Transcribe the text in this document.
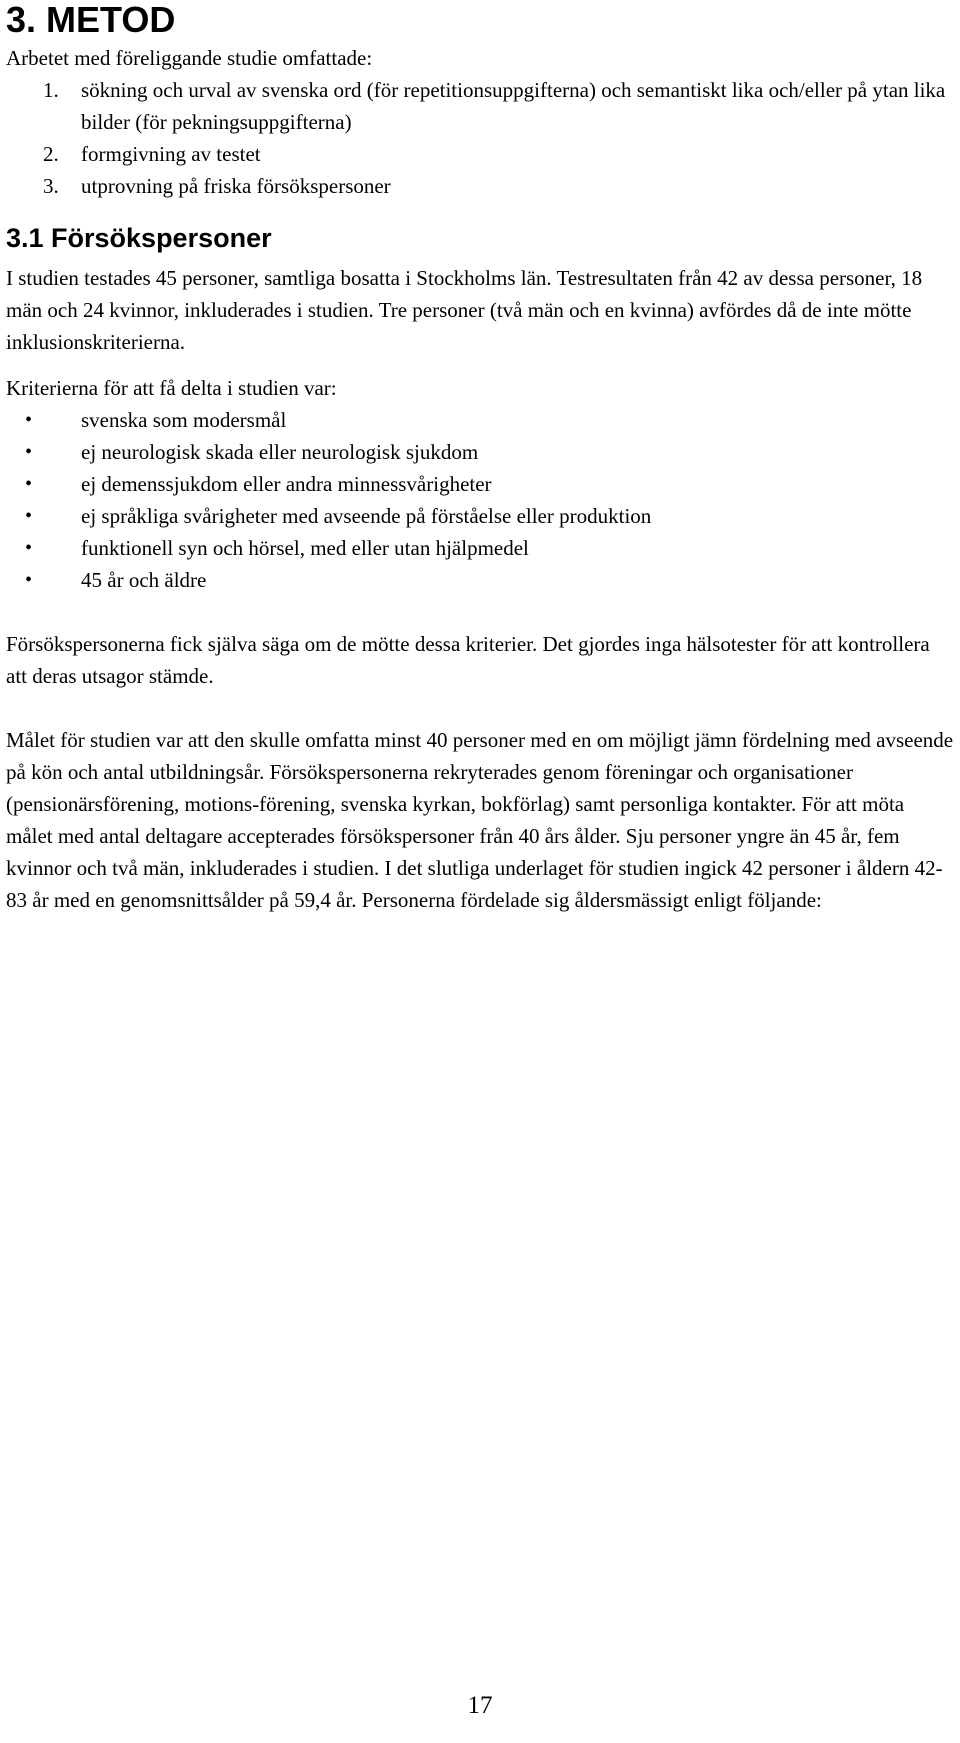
3. METOD
Arbetet med föreliggande studie omfattade:
1. sökning och urval av svenska ord (för repetitionsuppgifterna) och semantiskt lika och/eller på ytan lika bilder (för pekningsuppgifterna)
2. formgivning av testet
3. utprovning på friska försökspersoner
3.1 Försökspersoner

I studien testades 45 personer, samtliga bosatta i Stockholms län. Testresultaten från 42 av dessa personer, 18 män och 24 kvinnor, inkluderades i studien. Tre personer (två män och en kvinna) avfördes då de inte mötte inklusionskriterierna.

Kriterierna för att få delta i studien var:

• svenska som modersmål
• ej neurologisk skada eller neurologisk sjukdom
• ej demenssjukdom eller andra minnessvårigheter
• ej språkliga svårigheter med avseende på förståelse eller produktion
• funktionell syn och hörsel, med eller utan hjälpmedel
• 45 år och äldre

Försökspersonerna fick själva säga om de mötte dessa kriterier. Det gjordes inga hälsotester för att kontrollera att deras utsagor stämde.

Målet för studien var att den skulle omfatta minst 40 personer med en om möjligt jämn fördelning med avseende på kön och antal utbildningsår. Försökspersonerna rekryterades genom föreningar och organisationer (pensionärsförening, motions-förening, svenska kyrkan, bokförlag) samt personliga kontakter. För att möta målet med antal deltagare accepterades försökspersoner från 40 års ålder. Sju personer yngre än 45 år, fem kvinnor och två män, inkluderades i studien. I det slutliga underlaget för studien ingick 42 personer i åldern 42-83 år med en genomsnittsålder på 59,4 år. Personerna fördelade sig åldersmässigt enligt följande:

17
